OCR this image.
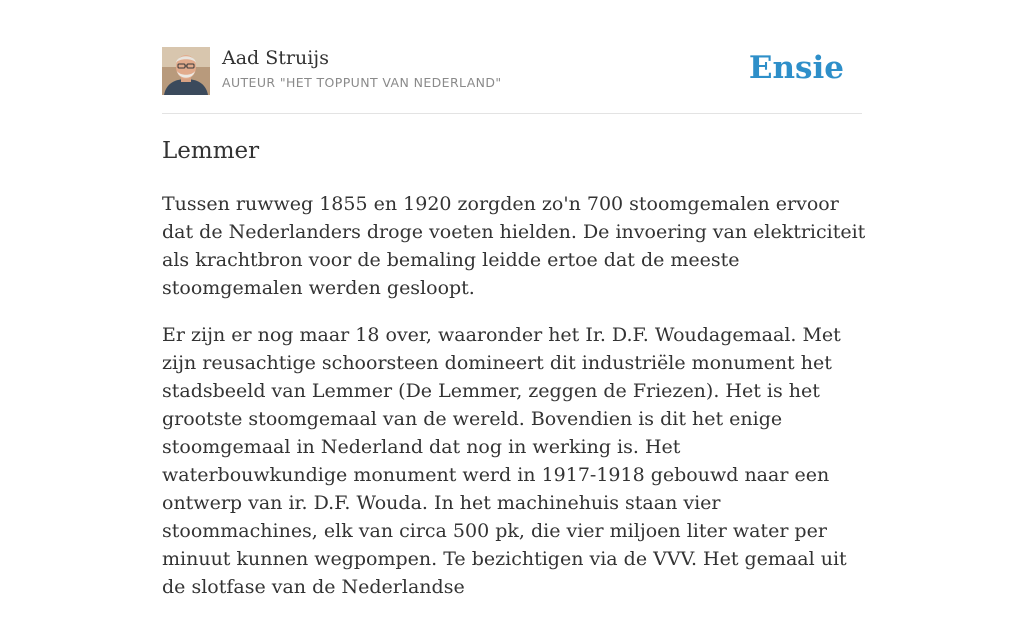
Aad Struijs
AUTEUR "HET TOPPUNT VAN NEDERLAND"	Ensie
Lemmer

Tussen ruwweg 1855 en 1920 zorgden zo'n 700 stoomgemalen ervoor dat de Nederlanders droge voeten hielden. De invoering van elektriciteit als krachtbron voor de bemaling leidde ertoe dat de meeste stoomgemalen werden gesloopt.

Er zijn er nog maar 18 over, waaronder het Ir. D.F. Woudagemaal. Met zijn reusachtige schoorsteen domineert dit industriële monument het stadsbeeld van Lemmer (De Lemmer, zeggen de Friezen). Het is het grootste stoomgemaal van de wereld. Bovendien is dit het enige stoomgemaal in Nederland dat nog in werking is. Het waterbouwkundige monument werd in 1917-1918 gebouwd naar een ontwerp van ir. D.F. Wouda. In het machinehuis staan vier stoommachines, elk van circa 500 pk, die vier miljoen liter water per minuut kunnen wegpompen. Te bezichtigen via de VVV. Het gemaal uit de slotfase van de Nederlandse
